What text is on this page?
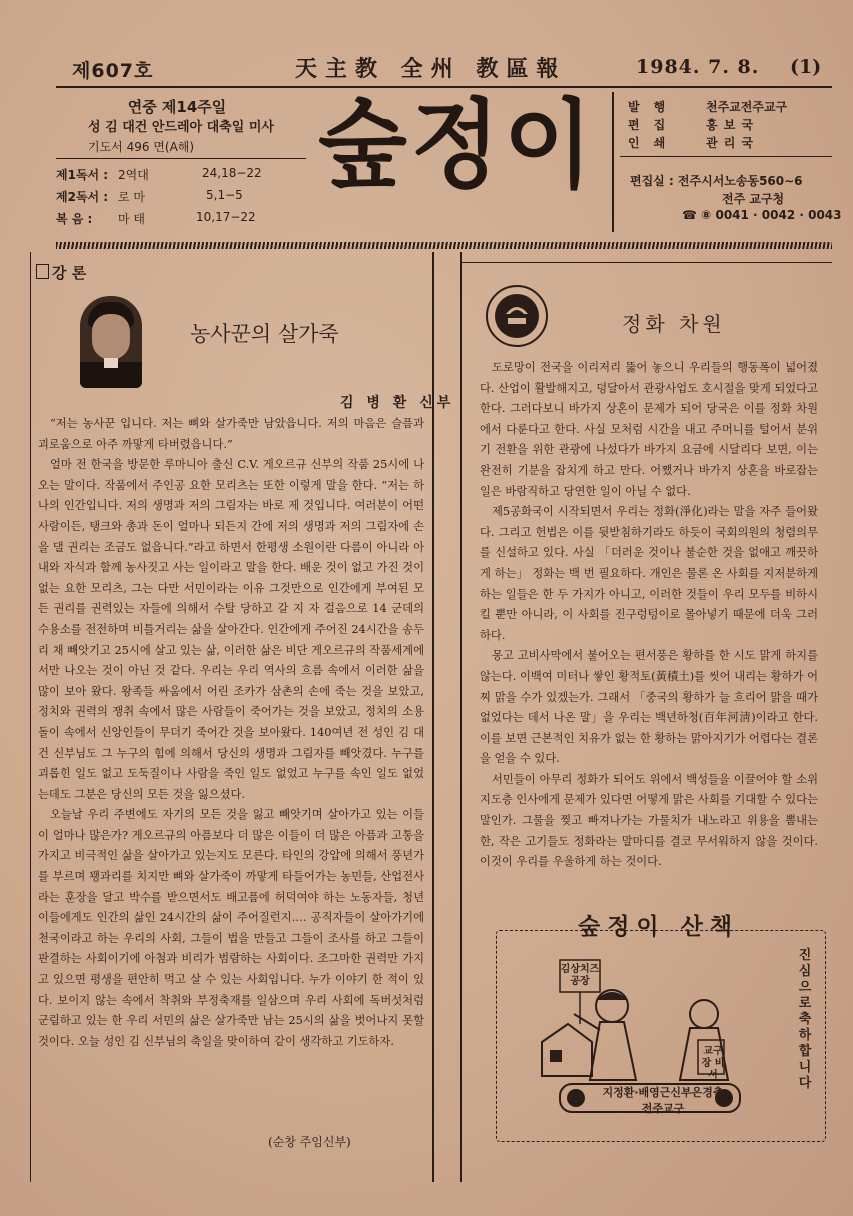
제607호	天主教 全州 教區報	1984. 7. 8. (1)
연중 제14주일
성 김 대건 안드레아 대축일 미사
기도서 496 면(A해)
제1독서 : 2역대	24,18−22
제2독서 : 로 마	5,1−5
복 음 : 마 태	10,17−22
숲정이	발행 천주교전주교구
편집 홍 보 국
인쇄 관 리 국
편집실 : 전주시서노송동560∼6
전주 교구청
☎ ⑧ 0041 · 0042 · 0043
강 론
농사꾼의 살가죽
김 병 환 신부

“저는 농사꾼 입니다. 저는 뼈와 살가죽만 남았읍니다. 저의 마음은 슬픔과 괴로움으로 아주 까맣게 타버렸읍니다.”

얼마 전 한국을 방문한 루마니아 출신 C.V. 게오르규 신부의 작품 25시에 나오는 말이다. 작품에서 주인공 요한 모리츠는 또한 이렇게 말을 한다. “저는 하나의 인간입니다. 저의 생명과 저의 그림자는 바로 제 것입니다. 여러분이 어떤 사람이든, 탱크와 총과 돈이 얼마나 되든지 간에 저의 생명과 저의 그림자에 손을 댈 권리는 조금도 없읍니다.”라고 하면서 한평생 소원이란 다름이 아니라 아내와 자식과 함께 농사짓고 사는 일이라고 말을 한다. 배운 것이 없고 가진 것이 없는 요한 모리츠, 그는 다만 서민이라는 이유 그것만으로 인간에게 부여된 모든 권리를 권력있는 자들에 의해서 수탈 당하고 갈 지 자 걸음으로 14 군데의 수용소를 전전하며 비틀거리는 삶을 살아간다. 인간에게 주어진 24시간을 송두리 채 빼앗기고 25시에 살고 있는 삶, 이러한 삶은 비단 게오르규의 작품세계에서만 나오는 것이 아닌 것 같다. 우리는 우리 역사의 흐름 속에서 이러한 삶을 많이 보아 왔다. 왕족들 싸움에서 어린 조카가 삼촌의 손에 죽는 것을 보았고, 정치와 권력의 쟁취 속에서 많은 사람들이 죽어가는 것을 보았고, 정치의 소용돌이 속에서 신앙인들이 무더기 죽어간 것을 보아왔다. 140여년 전 성인 김 대건 신부님도 그 누구의 힘에 의해서 당신의 생명과 그림자를 빼앗겼다. 누구를 괴롭힌 일도 없고 도둑질이나 사람을 죽인 일도 없었고 누구를 속인 일도 없었는데도 그분은 당신의 모든 것을 잃으셨다.

오늘날 우리 주변에도 자기의 모든 것을 잃고 빼앗기며 살아가고 있는 이들이 얼마나 많은가? 게오르규의 아픔보다 더 많은 이들이 더 많은 아픔과 고통을 가지고 비극적인 삶을 살아가고 있는지도 모른다. 타인의 강압에 의해서 풍년가를 부르며 꽹과리를 치지만 뼈와 살가죽이 까맣게 타들어가는 농민들, 산업전사라는 훈장을 달고 박수를 받으면서도 배고픔에 허덕여야 하는 노동자들, 청년 이들에게도 인간의 삶인 24시간의 삶이 주어질런지…. 공직자들이 살아가기에 천국이라고 하는 우리의 사회, 그들이 법을 만들고 그들이 조사를 하고 그들이 판결하는 사회이기에 아첨과 비리가 범람하는 사회이다. 조그마한 권력만 가지고 있으면 평생을 편안히 먹고 살 수 있는 사회입니다. 누가 이야기 한 적이 있다. 보이지 않는 속에서 착취와 부정축재를 일삼으며 우리 사회에 독버섯처럼 군림하고 있는 한 우리 서민의 삶은 살가죽만 남는 25시의 삶을 벗어나지 못할 것이다. 오늘 성인 김 신부님의 축일을 맞이하여 같이 생각하고 기도하자.

(순창 주임신부)
정화 차원

도로망이 전국을 이리저리 뚫어 놓으니 우리들의 행동폭이 넓어졌다. 산업이 활발해지고, 덩달아서 관광사업도 호시절을 맞게 되었다고 한다. 그러다보니 바가지 상혼이 문제가 되어 당국은 이를 정화 차원에서 다룬다고 한다. 사실 모처럼 시간을 내고 주머니를 털어서 분위기 전환을 위한 관광에 나섰다가 바가지 요금에 시달리다 보면, 이는 완전히 기분을 잡치게 하고 만다. 어쨌거나 바가지 상혼을 바로잡는 일은 바람직하고 당연한 일이 아닐 수 없다.

제5공화국이 시작되면서 우리는 정화(淨化)라는 말을 자주 들어왔다. 그리고 헌법은 이를 뒷받침하기라도 하듯이 국회의원의 청렴의무를 신설하고 있다. 사실 「더러운 것이나 불순한 것을 없애고 깨끗하게 하는」 정화는 백 번 필요하다. 개인은 물론 온 사회를 지저분하게 하는 일들은 한 두 가지가 아니고, 이러한 것들이 우리 모두를 비하시킬 뿐만 아니라, 이 사회를 진구렁텅이로 몰아넣기 때문에 더욱 그러하다.

몽고 고비사막에서 불어오는 편서풍은 황하를 한 시도 맑게 하지를 않는다. 이백여 미터나 쌓인 황적토(黃積土)를 씻어 내리는 황하가 어찌 맑을 수가 있겠는가. 그래서 「중국의 황하가 늘 흐리어 맑을 때가 없었다는 데서 나온 말」을 우리는 백년하청(百年河淸)이라고 한다. 이를 보면 근본적인 치유가 없는 한 황하는 맑아지기가 어렵다는 결론을 얻을 수 있다.

서민들이 아무리 정화가 되어도 위에서 백성들을 이끌어야 할 소위 지도층 인사에게 문제가 있다면 어떻게 맑은 사회를 기대할 수 있다는 말인가. 그물을 찢고 빠져나가는 가물치가 내노라고 위용을 뽐내는 한, 작은 고기들도 정화라는 말마디를 결코 무서워하지 않을 것이다. 이것이 우리를 우울하게 하는 것이다.

숲정이 산책
김상치즈 공장
교구장 비서
지정환·배영근신부은경축
전주교구
진심으로 축하합니다
